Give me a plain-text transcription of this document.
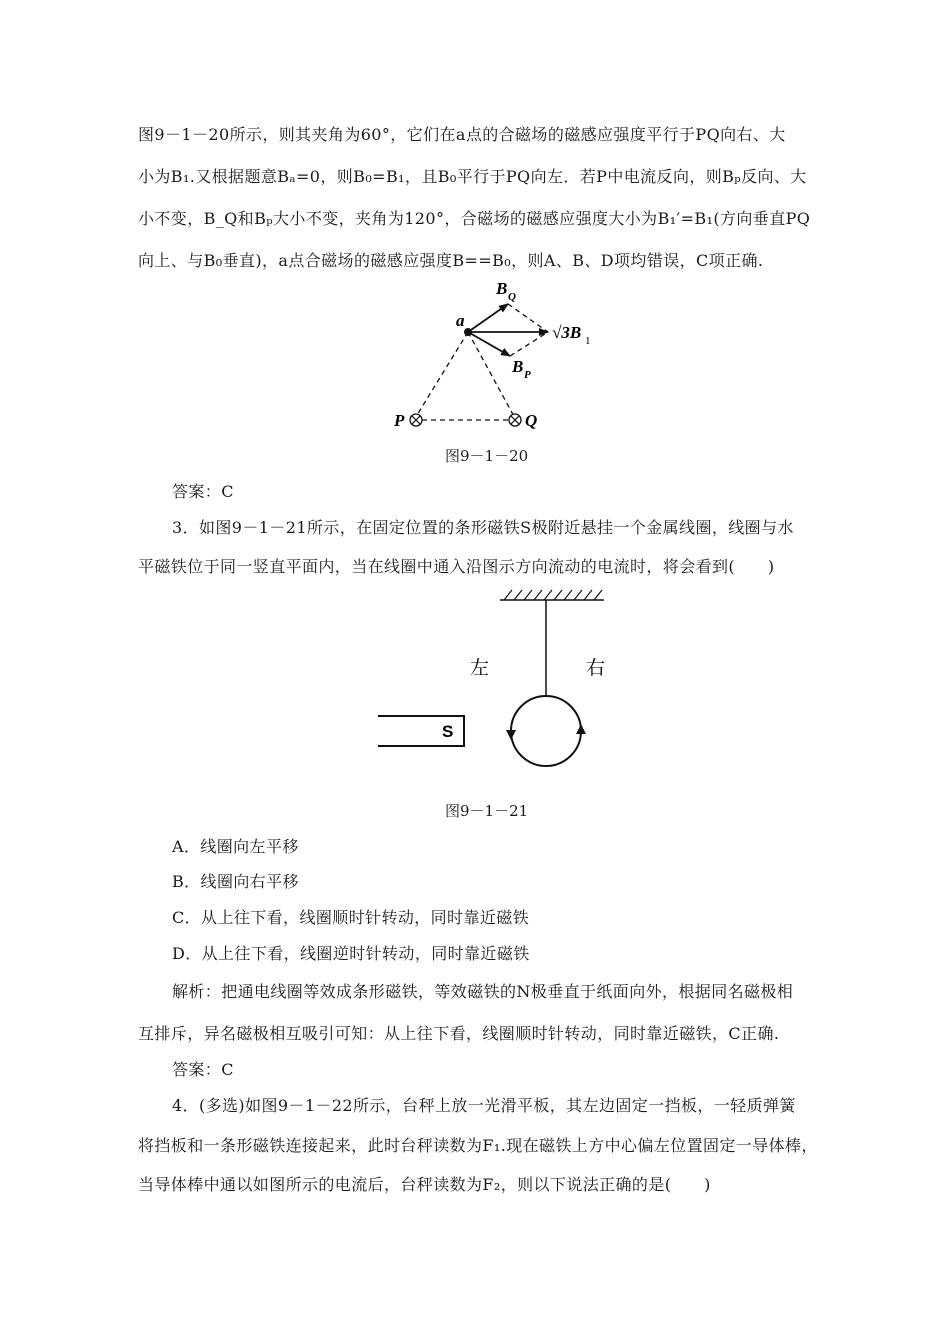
图9－1－20所示，则其夹角为60°，它们在a点的合磁场的磁感应强度平行于PQ向右、大
小为B₁.又根据题意Bₐ=0，则B₀=B₁，且B₀平行于PQ向左．若P中电流反向，则Bₚ反向、大
小不变，B_Q和Bₚ大小不变，夹角为120°，合磁场的磁感应强度大小为B₁′=B₁(方向垂直PQ
向上、与B₀垂直)，a点合磁场的磁感应强度B==B₀，则A、B、D项均错误，C项正确.
a
B Q
B P
√3B 1
P	Q
图9－1－20
答案：C
3．如图9－1－21所示，在固定位置的条形磁铁S极附近悬挂一个金属线圈，线圈与水
平磁铁位于同一竖直平面内，当在线圈中通入沿图示方向流动的电流时，将会看到(　　)
S
左	右
图9－1－21
A．线圈向左平移
B．线圈向右平移
C．从上往下看，线圈顺时针转动，同时靠近磁铁
D．从上往下看，线圈逆时针转动，同时靠近磁铁
解析：把通电线圈等效成条形磁铁，等效磁铁的N极垂直于纸面向外，根据同名磁极相
互排斥，异名磁极相互吸引可知：从上往下看，线圈顺时针转动，同时靠近磁铁，C正确.
答案：C
4．(多选)如图9－1－22所示，台秤上放一光滑平板，其左边固定一挡板，一轻质弹簧
将挡板和一条形磁铁连接起来，此时台秤读数为F₁.现在磁铁上方中心偏左位置固定一导体棒，
当导体棒中通以如图所示的电流后，台秤读数为F₂，则以下说法正确的是(　　)
